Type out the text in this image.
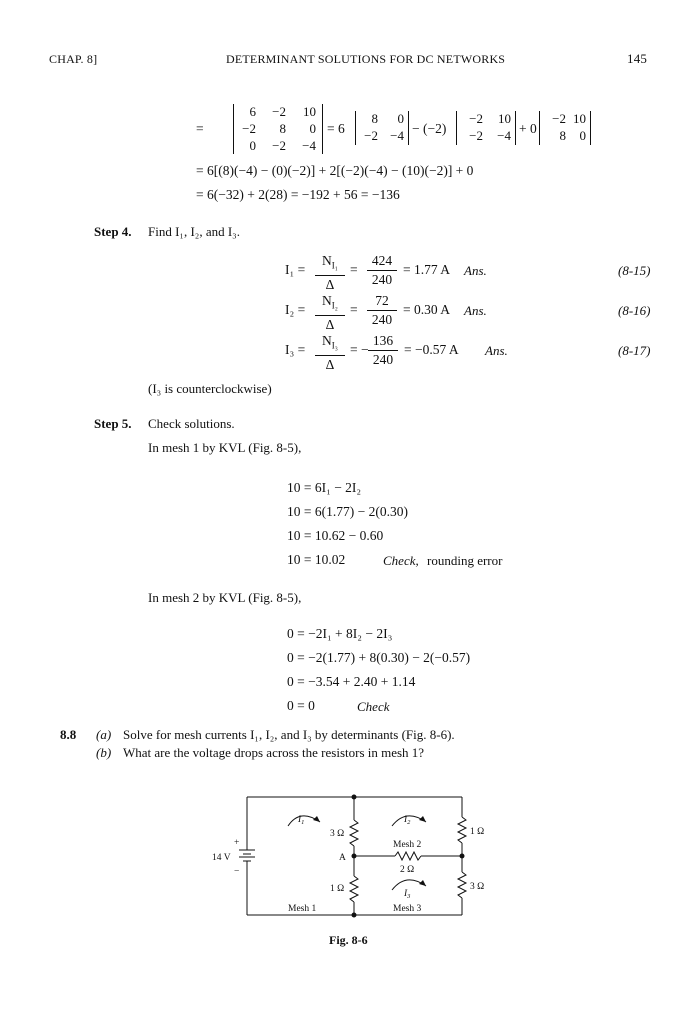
CHAP. 8]	DETERMINANT SOLUTIONS FOR DC NETWORKS	145
=
6	−2	10
−2	8	0
0	−2	−4
= 6
8	0
−2 −4 − (−2)
−2	10
−2	−4 + 0
−2 10
8	0
= 6[(8)(−4) − (0)(−2)] + 2[(−2)(−4) − (10)(−2)] + 0
= 6(−32) + 2(28) = −192 + 56 = −136
Step 4. Find I₁, I₂, and I₃.
I₁ =
$N_{I_1}$
Δ
=
424
240
= 1.77 A Ans.	(8-15)
I₂ =
$N_{I_2}$
Δ
=
72
240
= 0.30 A Ans.	(8-16)
I₃ =
$N_{I_3}$
Δ
= −
136
240
= −0.57 A Ans.	(8-17)
(I₃ is counterclockwise)
Step 5. Check solutions.
In mesh 1 by KVL (Fig. 8-5),
10 = 6I₁ − 2I₂
10 = 6(1.77) − 2(0.30)
10 = 10.62 − 0.60
10 = 10.02	Check, rounding error
In mesh 2 by KVL (Fig. 8-5),
0 = −2I₁ + 8I₂ − 2I₃
0 = −2(1.77) + 8(0.30) − 2(−0.57)
0 = −3.54 + 2.40 + 1.14
0 = 0	Check
8.8 (a) Solve for mesh currents I₁, I₂, and I₃ by determinants (Fig. 8-6).
(b) What are the voltage drops across the resistors in mesh 1?
+
−
14 V
3 Ω
1 Ω
2 Ω
1 Ω
3 Ω
A
$I_1$	$I_2$
$I_3$
Mesh 1
Mesh 2
Mesh 3
Fig. 8-6
